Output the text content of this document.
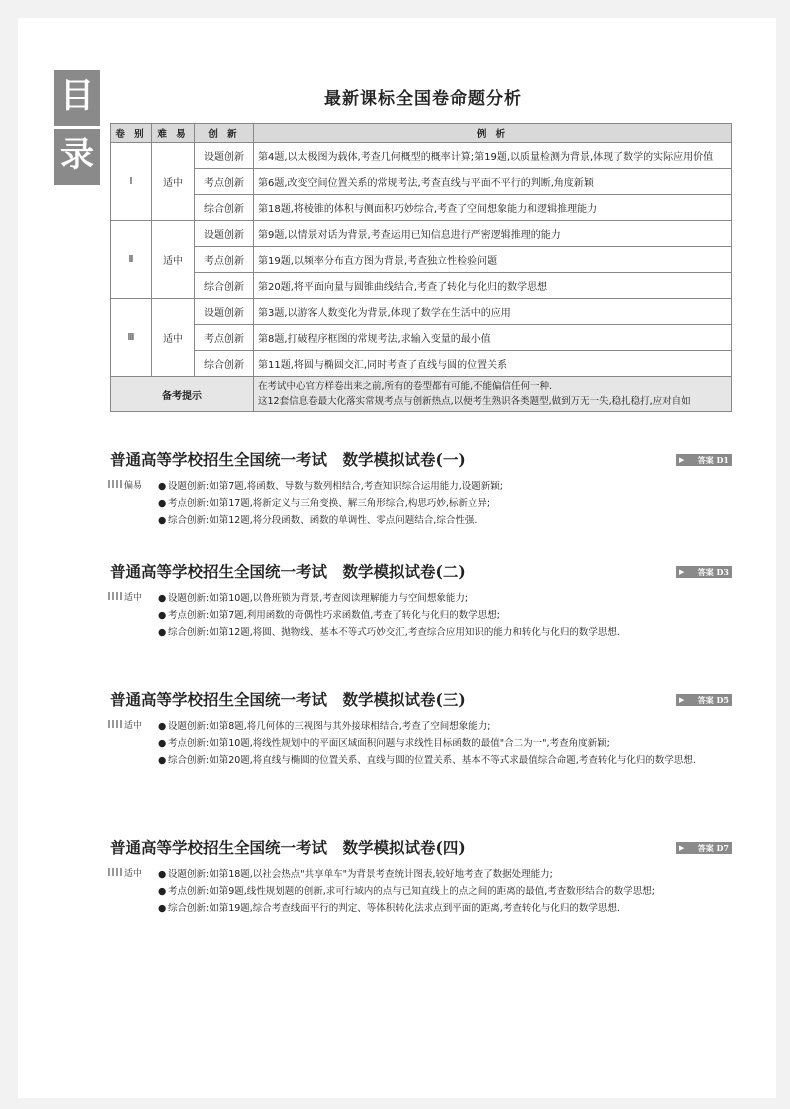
目
录
最新课标全国卷命题分析
卷 别	难 易	创 新	例 析
Ⅰ	适中	设题创新	第4题,以太极图为载体,考查几何概型的概率计算;第19题,以质量检测为背景,体现了数学的实际应用价值
		考点创新	第6题,改变空间位置关系的常规考法,考查直线与平面不平行的判断,角度新颖
		综合创新	第18题,将棱锥的体积与侧面积巧妙综合,考查了空间想象能力和逻辑推理能力
Ⅱ	适中	设题创新	第9题,以情景对话为背景,考查运用已知信息进行严密逻辑推理的能力
		考点创新	第19题,以频率分布直方图为背景,考查独立性检验问题
		综合创新	第20题,将平面向量与圆锥曲线结合,考查了转化与化归的数学思想
Ⅲ	适中	设题创新	第3题,以游客人数变化为背景,体现了数学在生活中的应用
		考点创新	第8题,打破程序框图的常规考法,求输入变量的最小值
		综合创新	第11题,将圆与椭圆交汇,同时考查了直线与圆的位置关系
备考提示			在考试中心官方样卷出来之前,所有的卷型都有可能,不能偏信任何一种.
这12套信息卷最大化落实常规考点与创新热点,以便考生熟识各类题型,做到万无一失,稳扎稳打,应对自如
普通高等学校招生全国统一考试　数学模拟试卷(一)	▶ 答案 D1
偏易 ● 设题创新:如第7题,将函数、导数与数列相结合,考查知识综合运用能力,设题新颖;
● 考点创新:如第17题,将新定义与三角变换、解三角形综合,构思巧妙,标新立异;
● 综合创新:如第12题,将分段函数、函数的单调性、零点问题结合,综合性强.
普通高等学校招生全国统一考试　数学模拟试卷(二)	▶ 答案 D3
适中 ● 设题创新:如第10题,以鲁班锁为背景,考查阅读理解能力与空间想象能力;
● 考点创新:如第7题,利用函数的奇偶性巧求函数值,考查了转化与化归的数学思想;
● 综合创新:如第12题,将圆、抛物线、基本不等式巧妙交汇,考查综合应用知识的能力和转化与化归的数学思想.
普通高等学校招生全国统一考试　数学模拟试卷(三)	▶ 答案 D5
适中 ● 设题创新:如第8题,将几何体的三视图与其外接球相结合,考查了空间想象能力;
● 考点创新:如第10题,将线性规划中的平面区域面积问题与求线性目标函数的最值"合二为一",考查角度新颖;
● 综合创新:如第20题,将直线与椭圆的位置关系、直线与圆的位置关系、基本不等式求最值综合命题,考查转化与化归的数学思想.
普通高等学校招生全国统一考试　数学模拟试卷(四)	▶ 答案 D7
适中 ● 设题创新:如第18题,以社会热点"共享单车"为背景考查统计图表,较好地考查了数据处理能力;
● 考点创新:如第9题,线性规划题的创新,求可行域内的点与已知直线上的点之间的距离的最值,考查数形结合的数学思想;
● 综合创新:如第19题,综合考查线面平行的判定、等体积转化法求点到平面的距离,考查转化与化归的数学思想.
